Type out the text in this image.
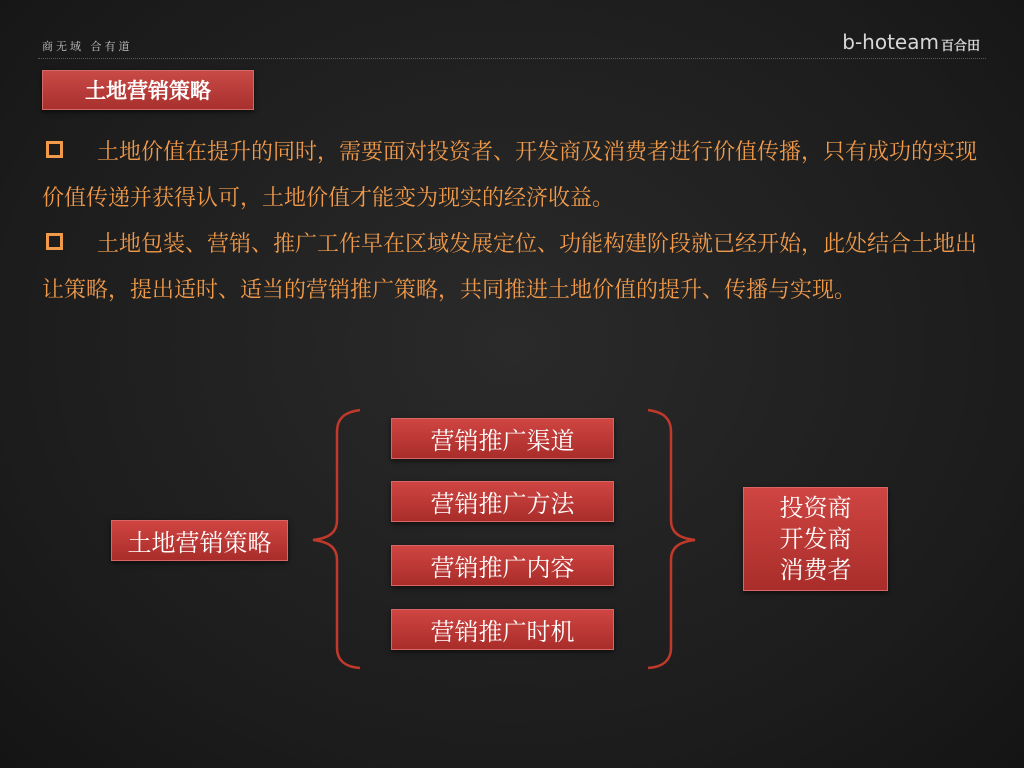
商无域 合有道	b-hoteam 百合田
土地营销策略
土地价值在提升的同时，需要面对投资者、开发商及消费者进行价值传播，只有成功的实现价值传递并获得认可，土地价值才能变为现实的经济收益。
土地包装、营销、推广工作早在区域发展定位、功能构建阶段就已经开始，此处结合土地出让策略，提出适时、适当的营销推广策略，共同推进土地价值的提升、传播与实现。
土地营销策略
营销推广渠道
营销推广方法
营销推广内容
营销推广时机
投资商
开发商
消费者
